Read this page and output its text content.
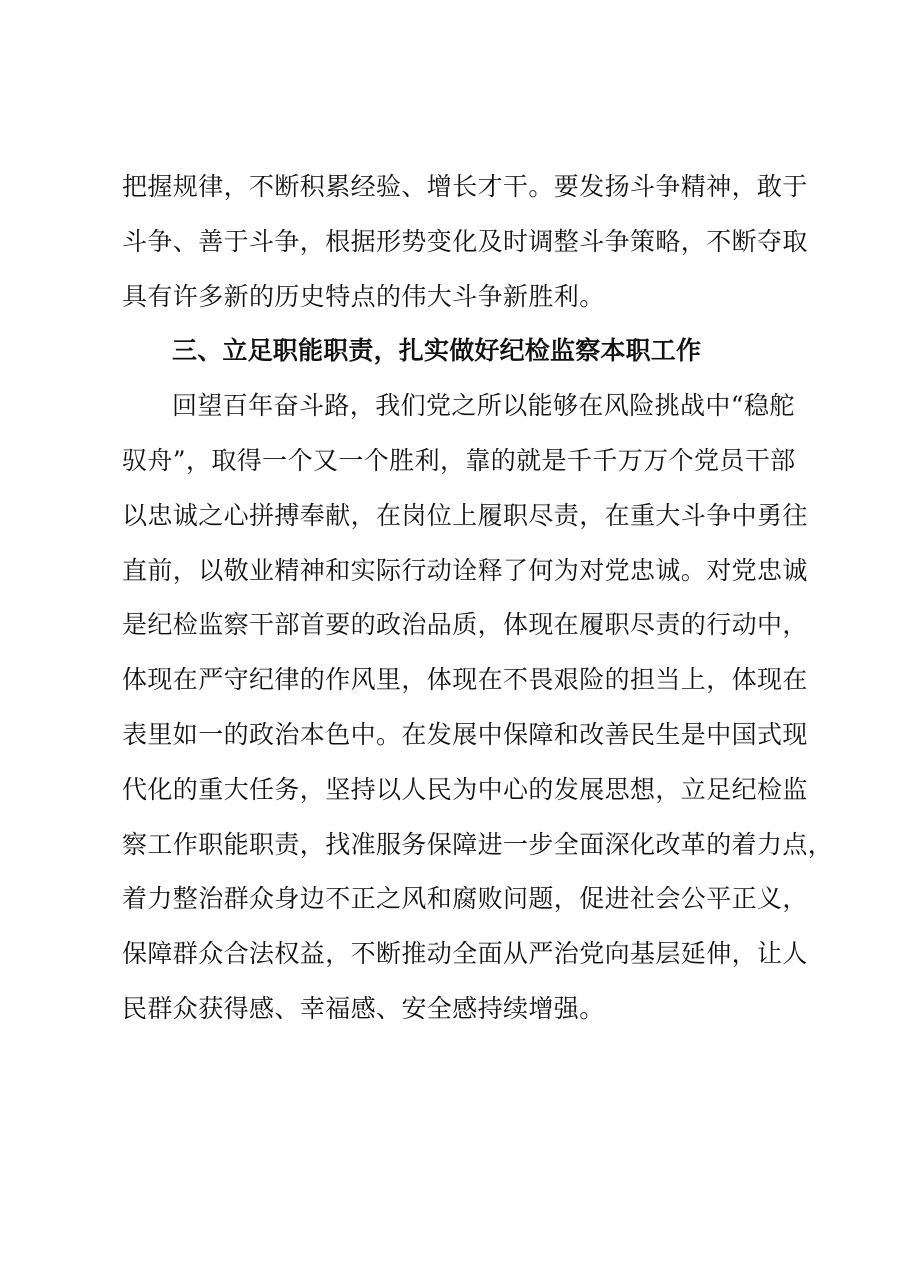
把握规律，不断积累经验、增长才干。要发扬斗争精神，敢于
斗争、善于斗争，根据形势变化及时调整斗争策略，不断夺取
具有许多新的历史特点的伟大斗争新胜利。
三、立足职能职责，扎实做好纪检监察本职工作
回望百年奋斗路，我们党之所以能够在风险挑战中“稳舵
驭舟”，取得一个又一个胜利，靠的就是千千万万个党员干部
以忠诚之心拼搏奉献，在岗位上履职尽责，在重大斗争中勇往
直前，以敬业精神和实际行动诠释了何为对党忠诚。对党忠诚
是纪检监察干部首要的政治品质，体现在履职尽责的行动中，
体现在严守纪律的作风里，体现在不畏艰险的担当上，体现在
表里如一的政治本色中。在发展中保障和改善民生是中国式现
代化的重大任务，坚持以人民为中心的发展思想，立足纪检监
察工作职能职责，找准服务保障进一步全面深化改革的着力点，
着力整治群众身边不正之风和腐败问题，促进社会公平正义，
保障群众合法权益，不断推动全面从严治党向基层延伸，让人
民群众获得感、幸福感、安全感持续增强。
